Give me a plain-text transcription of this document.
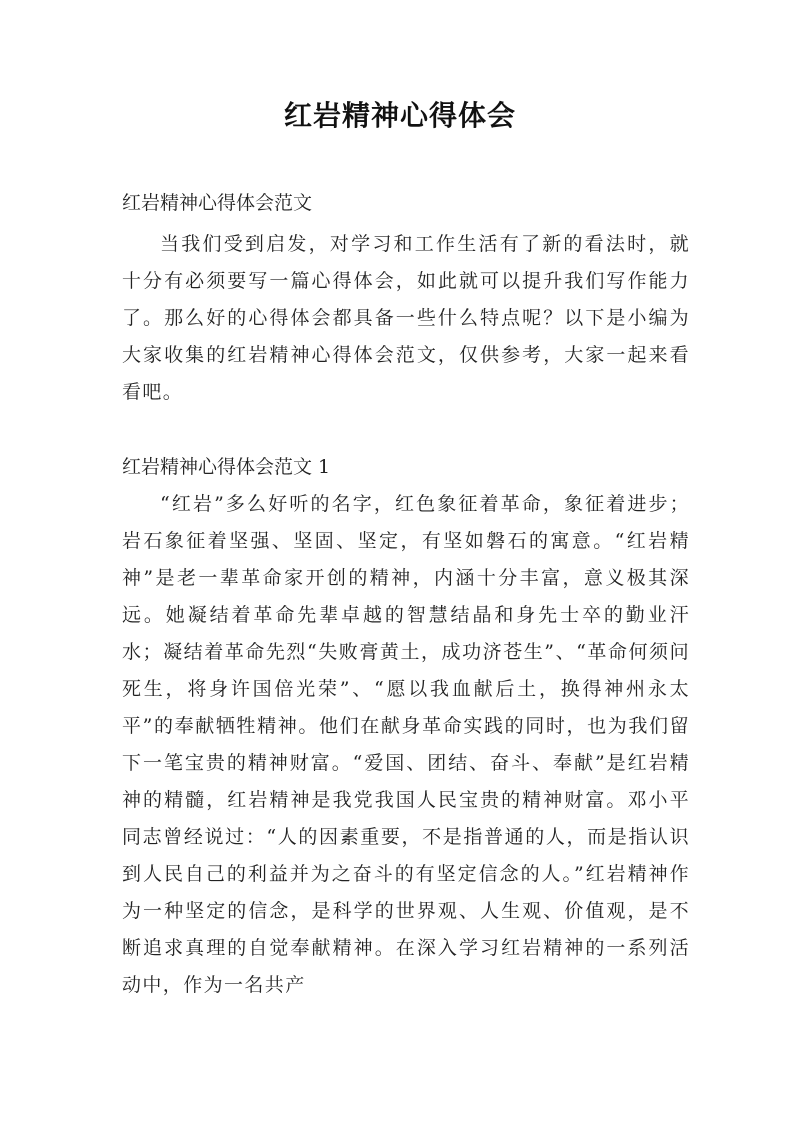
红岩精神心得体会
红岩精神心得体会范文
当我们受到启发，对学习和工作生活有了新的看法时，就十分有必须要写一篇心得体会，如此就可以提升我们写作能力了。那么好的心得体会都具备一些什么特点呢？以下是小编为大家收集的红岩精神心得体会范文，仅供参考，大家一起来看看吧。
红岩精神心得体会范文 1
“红岩”多么好听的名字，红色象征着革命，象征着进步；岩石象征着坚强、坚固、坚定，有坚如磐石的寓意。“红岩精神”是老一辈革命家开创的精神，内涵十分丰富，意义极其深远。她凝结着革命先辈卓越的智慧结晶和身先士卒的勤业汗水；凝结着革命先烈“失败膏黄土，成功济苍生”、“革命何须问死生，将身许国倍光荣”、“愿以我血献后土，换得神州永太平”的奉献牺牲精神。他们在献身革命实践的同时，也为我们留下一笔宝贵的精神财富。“爱国、团结、奋斗、奉献”是红岩精神的精髓，红岩精神是我党我国人民宝贵的精神财富。邓小平同志曾经说过：“人的因素重要，不是指普通的人，而是指认识到人民自己的利益并为之奋斗的有坚定信念的人。”红岩精神作为一种坚定的信念，是科学的世界观、人生观、价值观，是不断追求真理的自觉奉献精神。在深入学习红岩精神的一系列活动中，作为一名共产
